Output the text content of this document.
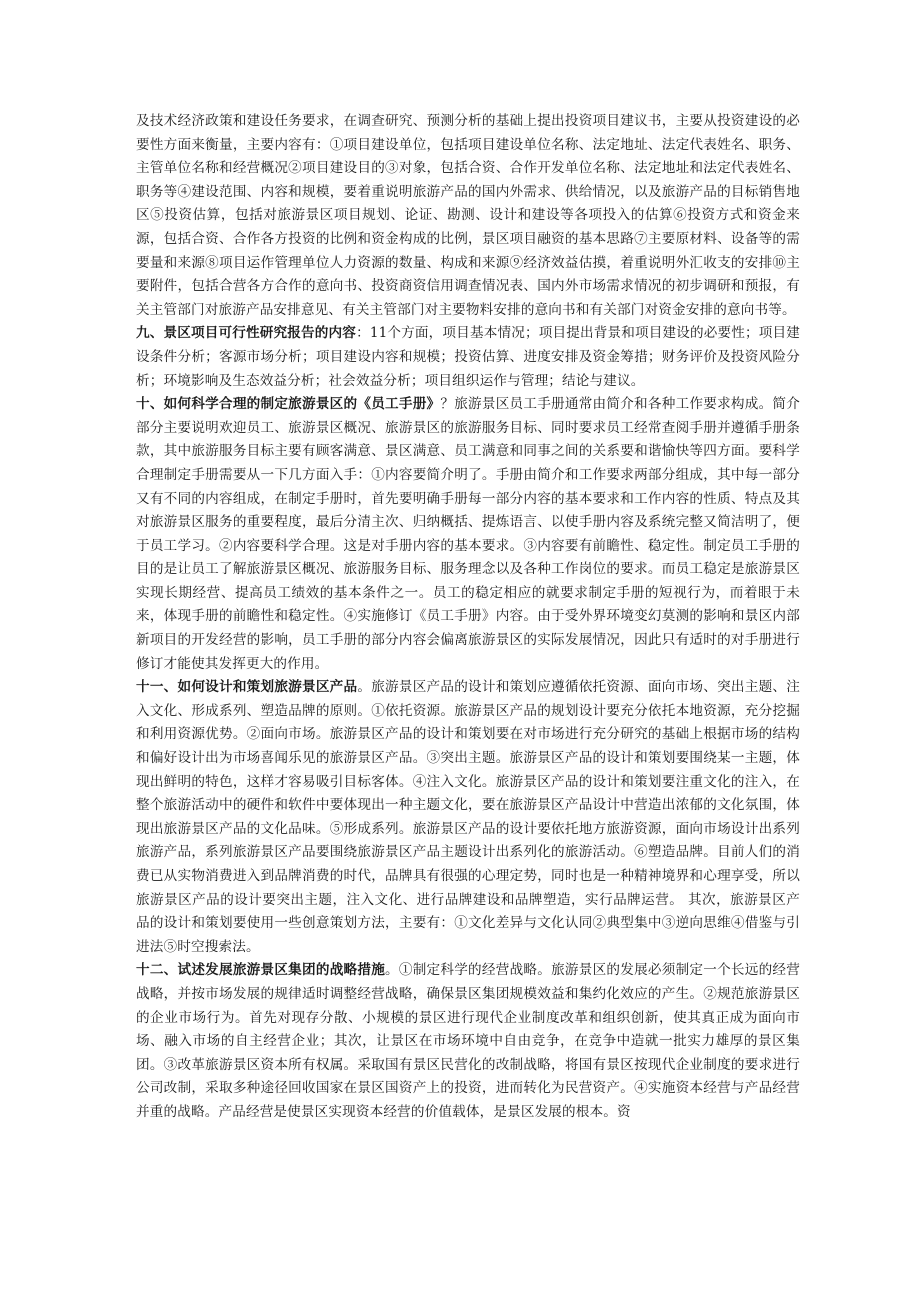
及技术经济政策和建设任务要求，在调查研究、预测分析的基础上提出投资项目建议书，主要从投资建设的必要性方面来衡量，主要内容有：①项目建设单位，包括项目建设单位名称、法定地址、法定代表姓名、职务、主管单位名称和经营概况②项目建设目的③对象，包括合资、合作开发单位名称、法定地址和法定代表姓名、职务等④建设范围、内容和规模，要着重说明旅游产品的国内外需求、供给情况，以及旅游产品的目标销售地区⑤投资估算，包括对旅游景区项目规划、论证、勘测、设计和建设等各项投入的估算⑥投资方式和资金来源，包括合资、合作各方投资的比例和资金构成的比例，景区项目融资的基本思路⑦主要原材料、设备等的需要量和来源⑧项目运作管理单位人力资源的数量、构成和来源⑨经济效益估摸，着重说明外汇收支的安排⑩主要附件，包括合营各方合作的意向书、投资商资信用调查情况表、国内外市场需求情况的初步调研和预报，有关主管部门对旅游产品安排意见、有关主管部门对主要物料安排的意向书和有关部门对资金安排的意向书等。

九、景区项目可行性研究报告的内容：11个方面，项目基本情况；项目提出背景和项目建设的必要性；项目建设条件分析；客源市场分析；项目建设内容和规模；投资估算、进度安排及资金筹措；财务评价及投资风险分析；环境影响及生态效益分析；社会效益分析；项目组织运作与管理；结论与建议。

十、如何科学合理的制定旅游景区的《员工手册》？旅游景区员工手册通常由简介和各种工作要求构成。简介部分主要说明欢迎员工、旅游景区概况、旅游景区的旅游服务目标、同时要求员工经常查阅手册并遵循手册条款，其中旅游服务目标主要有顾客满意、景区满意、员工满意和同事之间的关系要和谐愉快等四方面。要科学合理制定手册需要从一下几方面入手：①内容要简介明了。手册由简介和工作要求两部分组成，其中每一部分又有不同的内容组成，在制定手册时，首先要明确手册每一部分内容的基本要求和工作内容的性质、特点及其对旅游景区服务的重要程度，最后分清主次、归纳概括、提炼语言、以使手册内容及系统完整又简洁明了，便于员工学习。②内容要科学合理。这是对手册内容的基本要求。③内容要有前瞻性、稳定性。制定员工手册的目的是让员工了解旅游景区概况、旅游服务目标、服务理念以及各种工作岗位的要求。而员工稳定是旅游景区实现长期经营、提高员工绩效的基本条件之一。员工的稳定相应的就要求制定手册的短视行为，而着眼于未来，体现手册的前瞻性和稳定性。④实施修订《员工手册》内容。由于受外界环境变幻莫测的影响和景区内部新项目的开发经营的影响，员工手册的部分内容会偏离旅游景区的实际发展情况，因此只有适时的对手册进行修订才能使其发挥更大的作用。

十一、如何设计和策划旅游景区产品。旅游景区产品的设计和策划应遵循依托资源、面向市场、突出主题、注入文化、形成系列、塑造品牌的原则。①依托资源。旅游景区产品的规划设计要充分依托本地资源，充分挖掘和利用资源优势。②面向市场。旅游景区产品的设计和策划要在对市场进行充分研究的基础上根据市场的结构和偏好设计出为市场喜闻乐见的旅游景区产品。③突出主题。旅游景区产品的设计和策划要围绕某一主题，体现出鲜明的特色，这样才容易吸引目标客体。④注入文化。旅游景区产品的设计和策划要注重文化的注入，在整个旅游活动中的硬件和软件中要体现出一种主题文化，要在旅游景区产品设计中营造出浓郁的文化氛围，体现出旅游景区产品的文化品味。⑤形成系列。旅游景区产品的设计要依托地方旅游资源，面向市场设计出系列旅游产品，系列旅游景区产品要围绕旅游景区产品主题设计出系列化的旅游活动。⑥塑造品牌。目前人们的消费已从实物消费进入到品牌消费的时代，品牌具有很强的心理定势，同时也是一种精神境界和心理享受，所以旅游景区产品的设计要突出主题，注入文化、进行品牌建设和品牌塑造，实行品牌运营。 其次，旅游景区产品的设计和策划要使用一些创意策划方法，主要有：①文化差异与文化认同②典型集中③逆向思维④借鉴与引进法⑤时空搜索法。

十二、试述发展旅游景区集团的战略措施。①制定科学的经营战略。旅游景区的发展必须制定一个长远的经营战略，并按市场发展的规律适时调整经营战略，确保景区集团规模效益和集约化效应的产生。②规范旅游景区的企业市场行为。首先对现存分散、小规模的景区进行现代企业制度改革和组织创新，使其真正成为面向市场、融入市场的自主经营企业；其次，让景区在市场环境中自由竞争，在竞争中造就一批实力雄厚的景区集团。③改革旅游景区资本所有权属。采取国有景区民营化的改制战略，将国有景区按现代企业制度的要求进行公司改制，采取多种途径回收国家在景区国资产上的投资，进而转化为民营资产。④实施资本经营与产品经营并重的战略。产品经营是使景区实现资本经营的价值载体，是景区发展的根本。资
